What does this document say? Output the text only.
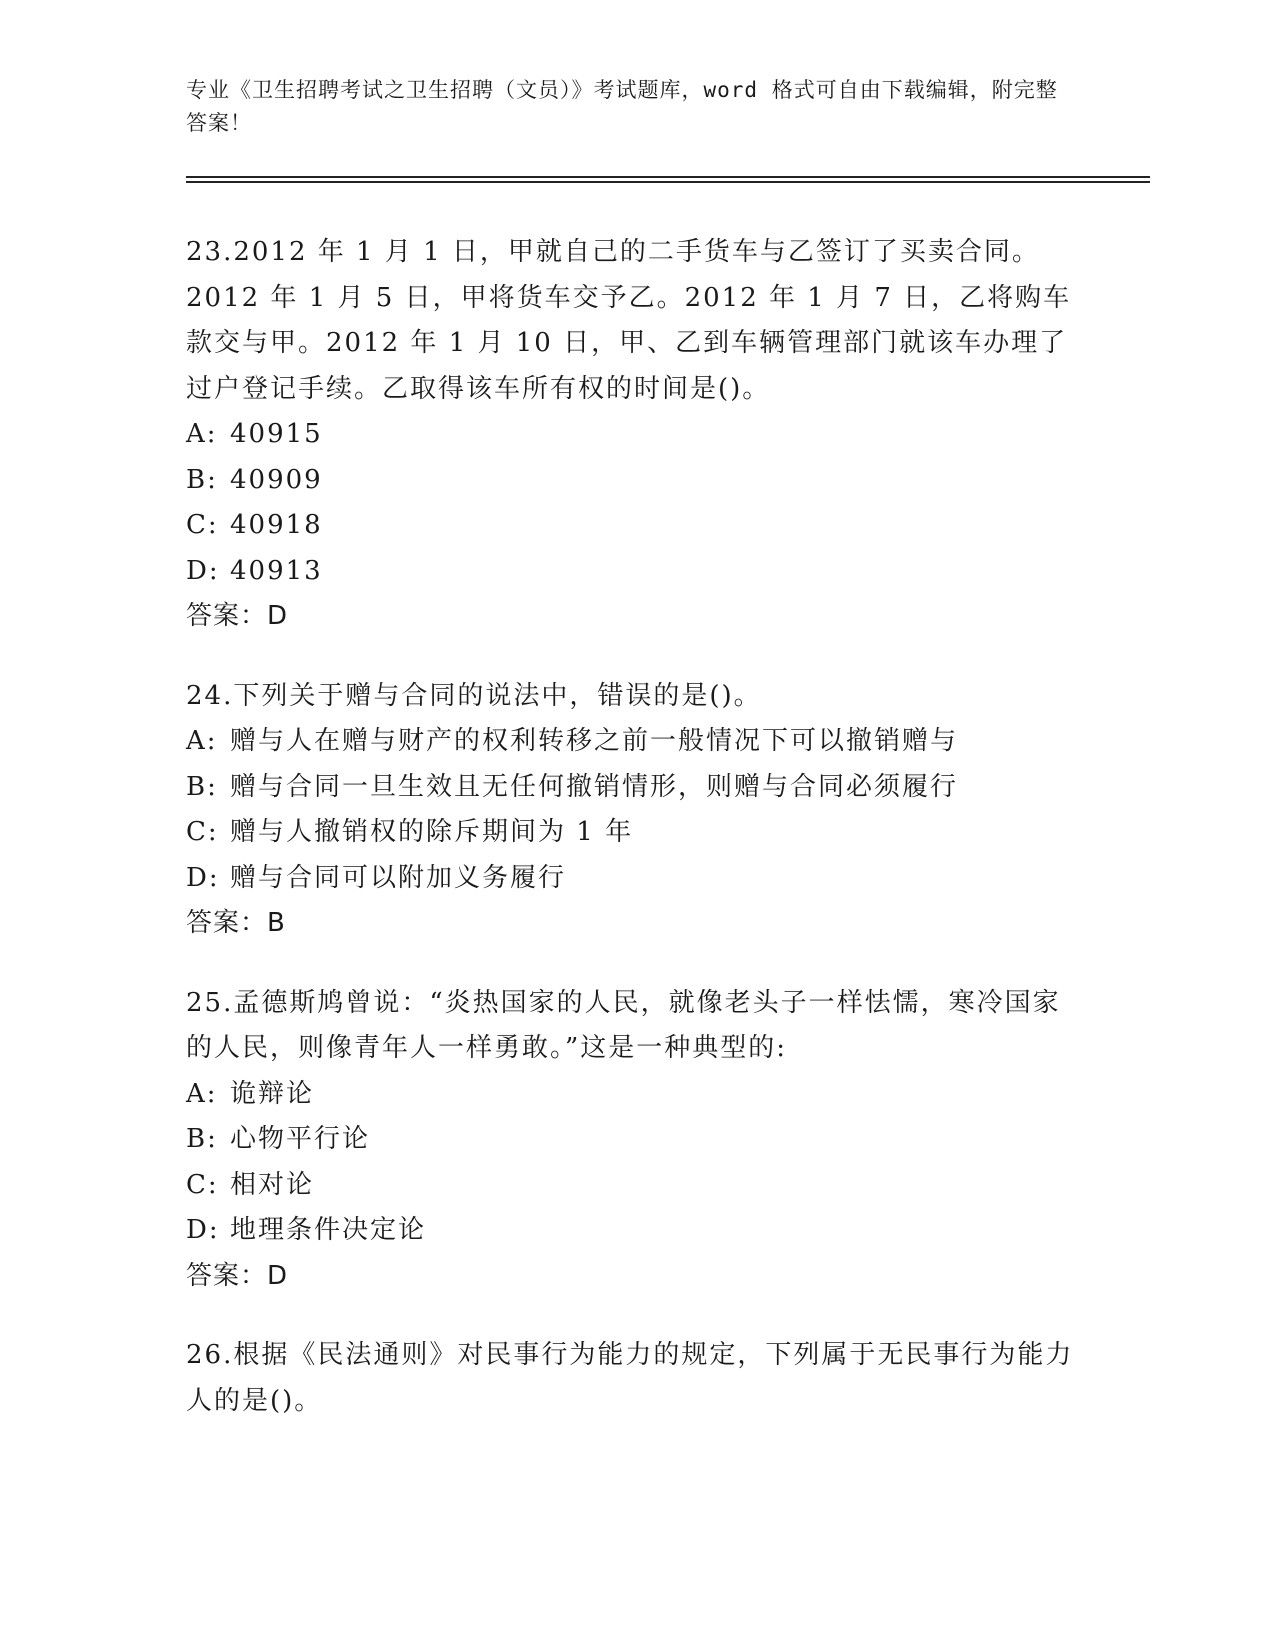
专业《卫生招聘考试之卫生招聘（文员）》考试题库，word 格式可自由下载编辑，附完整答案！

23.2012 年 1 月 1 日，甲就自己的二手货车与乙签订了买卖合同。2012 年 1 月 5 日，甲将货车交予乙。2012 年 1 月 7 日，乙将购车款交与甲。2012 年 1 月 10 日，甲、乙到车辆管理部门就该车办理了过户登记手续。乙取得该车所有权的时间是()。

A: 40915

B: 40909

C: 40918

D: 40913

答案：D

24.下列关于赠与合同的说法中，错误的是()。

A: 赠与人在赠与财产的权利转移之前一般情况下可以撤销赠与

B: 赠与合同一旦生效且无任何撤销情形，则赠与合同必须履行

C: 赠与人撤销权的除斥期间为 1 年

D: 赠与合同可以附加义务履行

答案：B

25.孟德斯鸠曾说：“炎热国家的人民，就像老头子一样怯懦，寒冷国家的人民，则像青年人一样勇敢。”这是一种典型的:

A: 诡辩论

B: 心物平行论

C: 相对论

D: 地理条件决定论

答案：D

26.根据《民法通则》对民事行为能力的规定，下列属于无民事行为能力人的是()。
